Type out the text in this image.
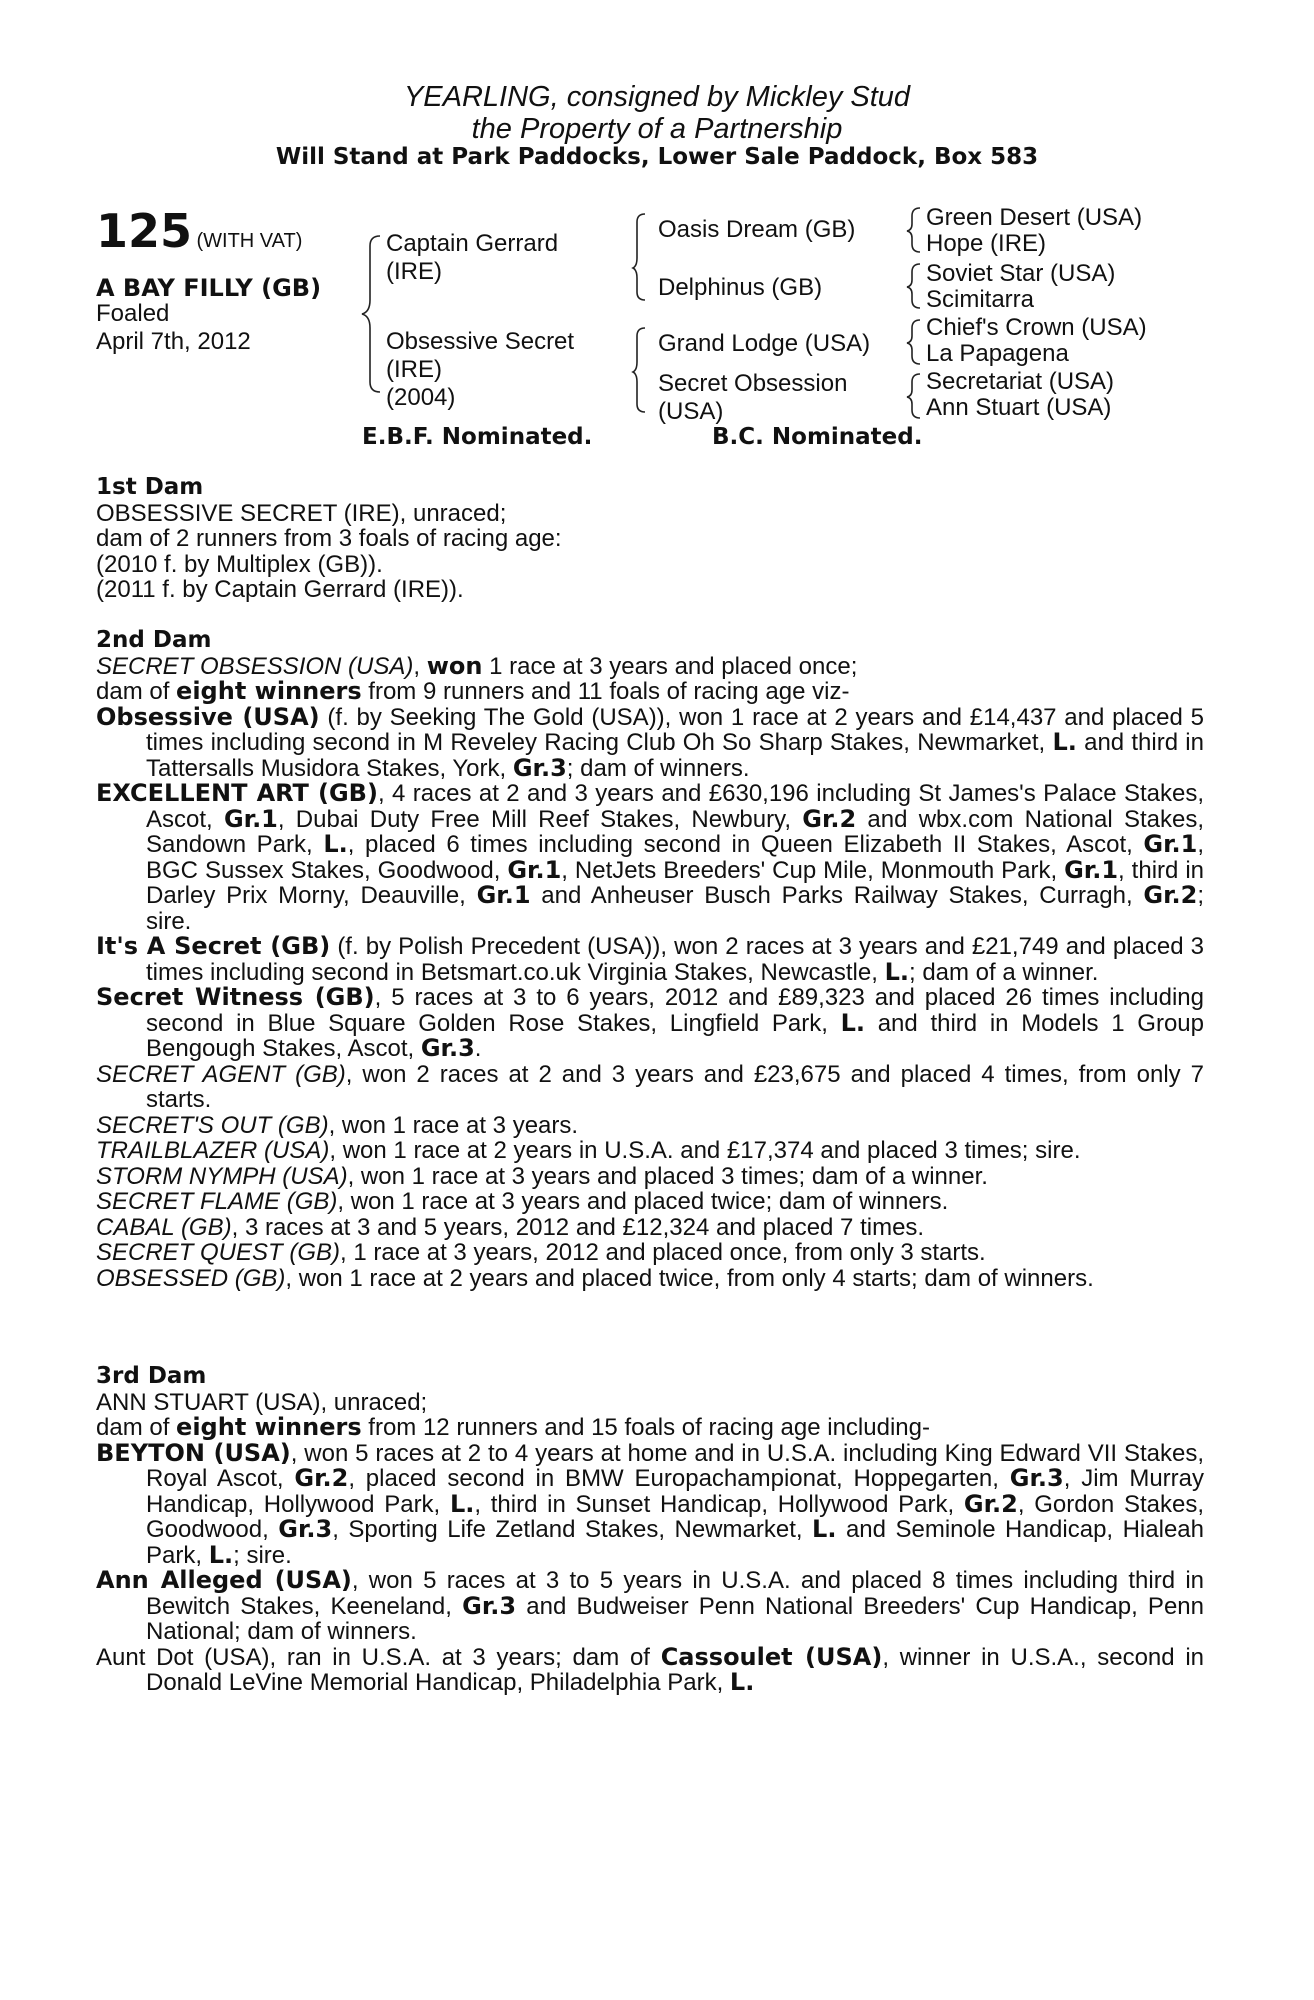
YEARLING, consigned by Mickley Stud
the Property of a Partnership
Will Stand at Park Paddocks, Lower Sale Paddock, Box 583
125 (WITH VAT)
A BAY FILLY (GB)
Foaled
April 7th, 2012
Captain Gerrard
(IRE)
Obsessive Secret
(IRE)
(2004)
Oasis Dream (GB)
Delphinus (GB)
Grand Lodge (USA)
Secret Obsession
(USA)
Green Desert (USA)
Hope (IRE)
Soviet Star (USA)
Scimitarra
Chief's Crown (USA)
La Papagena
Secretariat (USA)
Ann Stuart (USA)
E.B.F. Nominated.	B.C. Nominated.

1st Dam

OBSESSIVE SECRET (IRE), unraced;

dam of 2 runners from 3 foals of racing age:

(2010 f. by Multiplex (GB)).

(2011 f. by Captain Gerrard (IRE)).

2nd Dam

SECRET OBSESSION (USA), won 1 race at 3 years and placed once;

dam of eight winners from 9 runners and 11 foals of racing age viz-

Obsessive (USA) (f. by Seeking The Gold (USA)), won 1 race at 2 years and £14,437 and placed 5 times including second in M Reveley Racing Club Oh So Sharp Stakes, Newmarket, L. and third in Tattersalls Musidora Stakes, York, Gr.3; dam of winners.

EXCELLENT ART (GB), 4 races at 2 and 3 years and £630,196 including St James's Palace Stakes, Ascot, Gr.1, Dubai Duty Free Mill Reef Stakes, Newbury, Gr.2 and wbx.com National Stakes, Sandown Park, L., placed 6 times including second in Queen Elizabeth II Stakes, Ascot, Gr.1, BGC Sussex Stakes, Goodwood, Gr.1, NetJets Breeders' Cup Mile, Monmouth Park, Gr.1, third in Darley Prix Morny, Deauville, Gr.1 and Anheuser Busch Parks Railway Stakes, Curragh, Gr.2; sire.

It's A Secret (GB) (f. by Polish Precedent (USA)), won 2 races at 3 years and £21,749 and placed 3 times including second in Betsmart.co.uk Virginia Stakes, Newcastle, L.; dam of a winner.

Secret Witness (GB), 5 races at 3 to 6 years, 2012 and £89,323 and placed 26 times including second in Blue Square Golden Rose Stakes, Lingfield Park, L. and third in Models 1 Group Bengough Stakes, Ascot, Gr.3.

SECRET AGENT (GB), won 2 races at 2 and 3 years and £23,675 and placed 4 times, from only 7 starts.

SECRET'S OUT (GB), won 1 race at 3 years.

TRAILBLAZER (USA), won 1 race at 2 years in U.S.A. and £17,374 and placed 3 times; sire.

STORM NYMPH (USA), won 1 race at 3 years and placed 3 times; dam of a winner.

SECRET FLAME (GB), won 1 race at 3 years and placed twice; dam of winners.

CABAL (GB), 3 races at 3 and 5 years, 2012 and £12,324 and placed 7 times.

SECRET QUEST (GB), 1 race at 3 years, 2012 and placed once, from only 3 starts.

OBSESSED (GB), won 1 race at 2 years and placed twice, from only 4 starts; dam of winners.

3rd Dam

ANN STUART (USA), unraced;

dam of eight winners from 12 runners and 15 foals of racing age including-

BEYTON (USA), won 5 races at 2 to 4 years at home and in U.S.A. including King Edward VII Stakes, Royal Ascot, Gr.2, placed second in BMW Europachampionat, Hoppegarten, Gr.3, Jim Murray Handicap, Hollywood Park, L., third in Sunset Handicap, Hollywood Park, Gr.2, Gordon Stakes, Goodwood, Gr.3, Sporting Life Zetland Stakes, Newmarket, L. and Seminole Handicap, Hialeah Park, L.; sire.

Ann Alleged (USA), won 5 races at 3 to 5 years in U.S.A. and placed 8 times including third in Bewitch Stakes, Keeneland, Gr.3 and Budweiser Penn National Breeders' Cup Handicap, Penn National; dam of winners.

Aunt Dot (USA), ran in U.S.A. at 3 years; dam of Cassoulet (USA), winner in U.S.A., second in Donald LeVine Memorial Handicap, Philadelphia Park, L.
